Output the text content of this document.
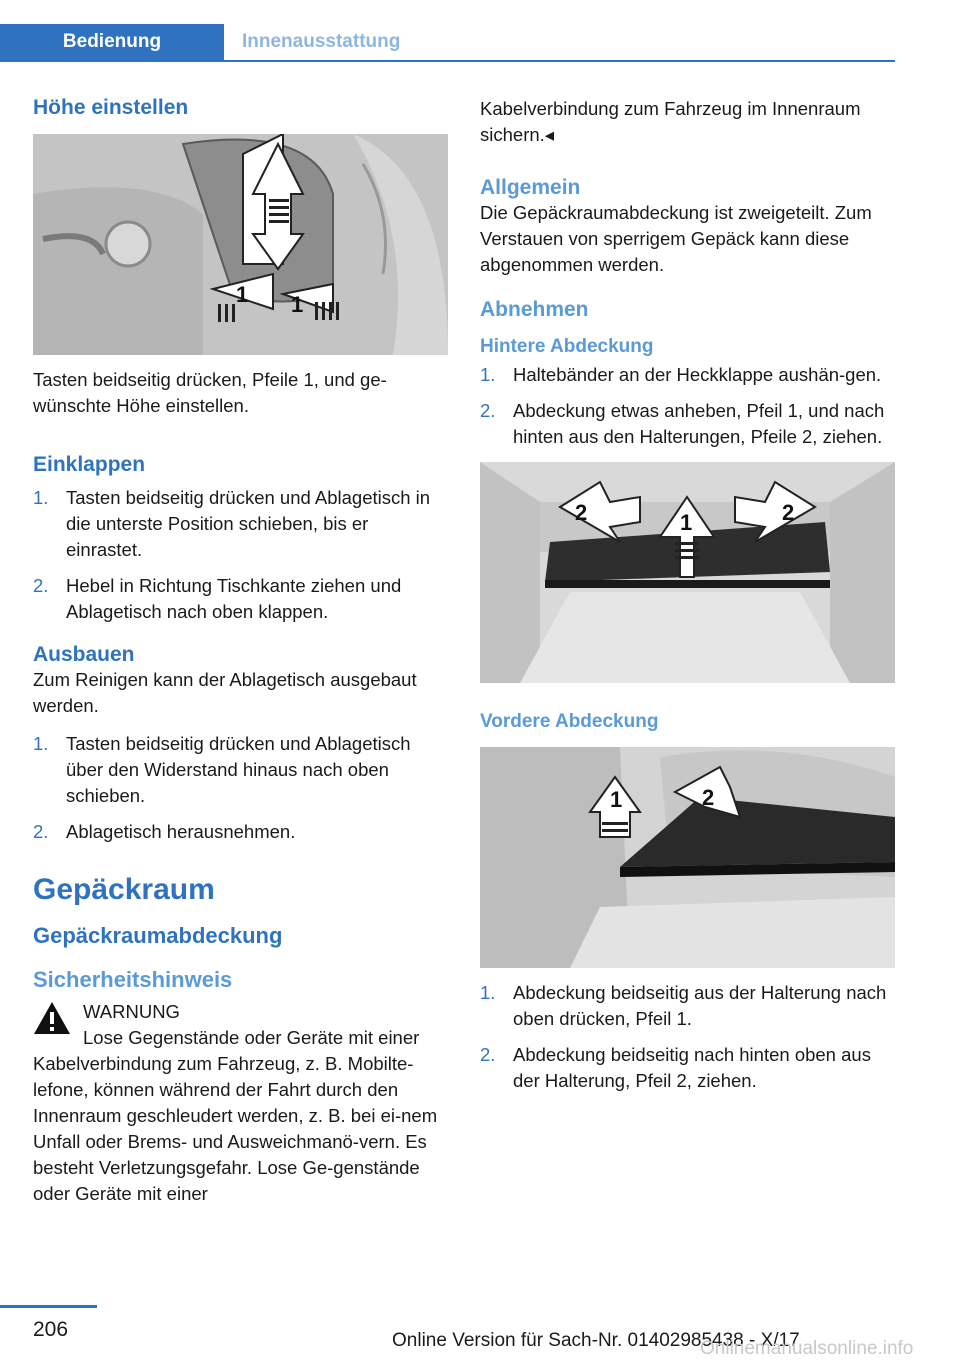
Bedienung	Innenausstattung
Höhe einstellen
1 1

Tasten beidseitig drücken, Pfeile 1, und ge‐wünschte Höhe einstellen.

Einklappen
1. Tasten beidseitig drücken und Ablagetisch in die unterste Position schieben, bis er einrastet.
2. Hebel in Richtung Tischkante ziehen und Ablagetisch nach oben klappen.
Ausbauen

Zum Reinigen kann der Ablagetisch ausgebaut werden.

1. Tasten beidseitig drücken und Ablagetisch über den Widerstand hinaus nach oben schieben.
2. Ablagetisch herausnehmen.
Gepäckraum
Gepäckraumabdeckung
Sicherheitshinweis

WARNUNG

Lose Gegenstände oder Geräte mit einer Kabelverbindung zum Fahrzeug, z. B. Mobilte‐lefone, können während der Fahrt durch den Innenraum geschleudert werden, z. B. bei ei‐nem Unfall oder Brems- und Ausweichmanö‐vern. Es besteht Verletzungsgefahr. Lose Ge‐genstände oder Geräte mit einer

Kabelverbindung zum Fahrzeug im Innenraum sichern.◂

Allgemein

Die Gepäckraumabdeckung ist zweigeteilt. Zum Verstauen von sperrigem Gepäck kann diese abgenommen werden.

Abnehmen
Hintere Abdeckung
1. Haltebänder an der Heckklappe aushän‐gen.
2. Abdeckung etwas anheben, Pfeil 1, und nach hinten aus den Halterungen, Pfeile 2, ziehen.
2	1	2
Vordere Abdeckung
1	2
1. Abdeckung beidseitig aus der Halterung nach oben drücken, Pfeil 1.
2. Abdeckung beidseitig nach hinten oben aus der Halterung, Pfeil 2, ziehen.
206	Online Version für Sach-Nr. 01402985438 - X/17
Onlinemanualsonline.info
